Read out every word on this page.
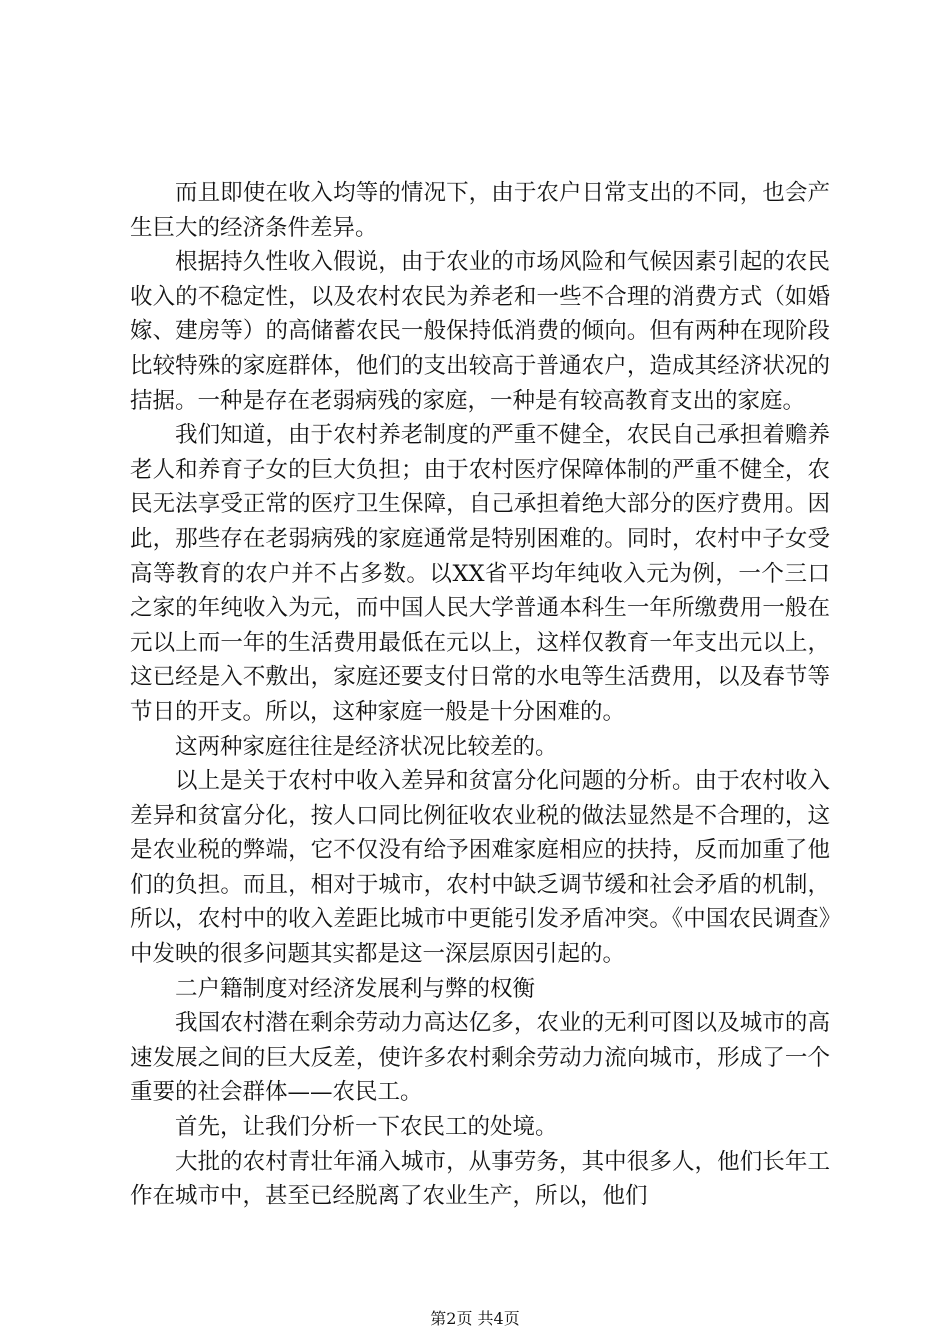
而且即使在收入均等的情况下，由于农户日常支出的不同，也会产生巨大的经济条件差异。

根据持久性收入假说，由于农业的市场风险和气候因素引起的农民收入的不稳定性，以及农村农民为养老和一些不合理的消费方式（如婚嫁、建房等）的高储蓄农民一般保持低消费的倾向。但有两种在现阶段比较特殊的家庭群体，他们的支出较高于普通农户，造成其经济状况的拮据。一种是存在老弱病残的家庭，一种是有较高教育支出的家庭。

我们知道，由于农村养老制度的严重不健全，农民自己承担着赡养老人和养育子女的巨大负担；由于农村医疗保障体制的严重不健全，农民无法享受正常的医疗卫生保障，自己承担着绝大部分的医疗费用。因此，那些存在老弱病残的家庭通常是特别困难的。同时，农村中子女受高等教育的农户并不占多数。以XX省平均年纯收入元为例，一个三口之家的年纯收入为元，而中国人民大学普通本科生一年所缴费用一般在元以上而一年的生活费用最低在元以上，这样仅教育一年支出元以上，这已经是入不敷出，家庭还要支付日常的水电等生活费用，以及春节等节日的开支。所以，这种家庭一般是十分困难的。

这两种家庭往往是经济状况比较差的。

以上是关于农村中收入差异和贫富分化问题的分析。由于农村收入差异和贫富分化，按人口同比例征收农业税的做法显然是不合理的，这是农业税的弊端，它不仅没有给予困难家庭相应的扶持，反而加重了他们的负担。而且，相对于城市，农村中缺乏调节缓和社会矛盾的机制，所以，农村中的收入差距比城市中更能引发矛盾冲突。《中国农民调查》中发映的很多问题其实都是这一深层原因引起的。

二户籍制度对经济发展利与弊的权衡

我国农村潜在剩余劳动力高达亿多，农业的无利可图以及城市的高速发展之间的巨大反差，使许多农村剩余劳动力流向城市，形成了一个重要的社会群体——农民工。

首先，让我们分析一下农民工的处境。

大批的农村青壮年涌入城市，从事劳务，其中很多人，他们长年工作在城市中，甚至已经脱离了农业生产，所以，他们

第2页 共4页
